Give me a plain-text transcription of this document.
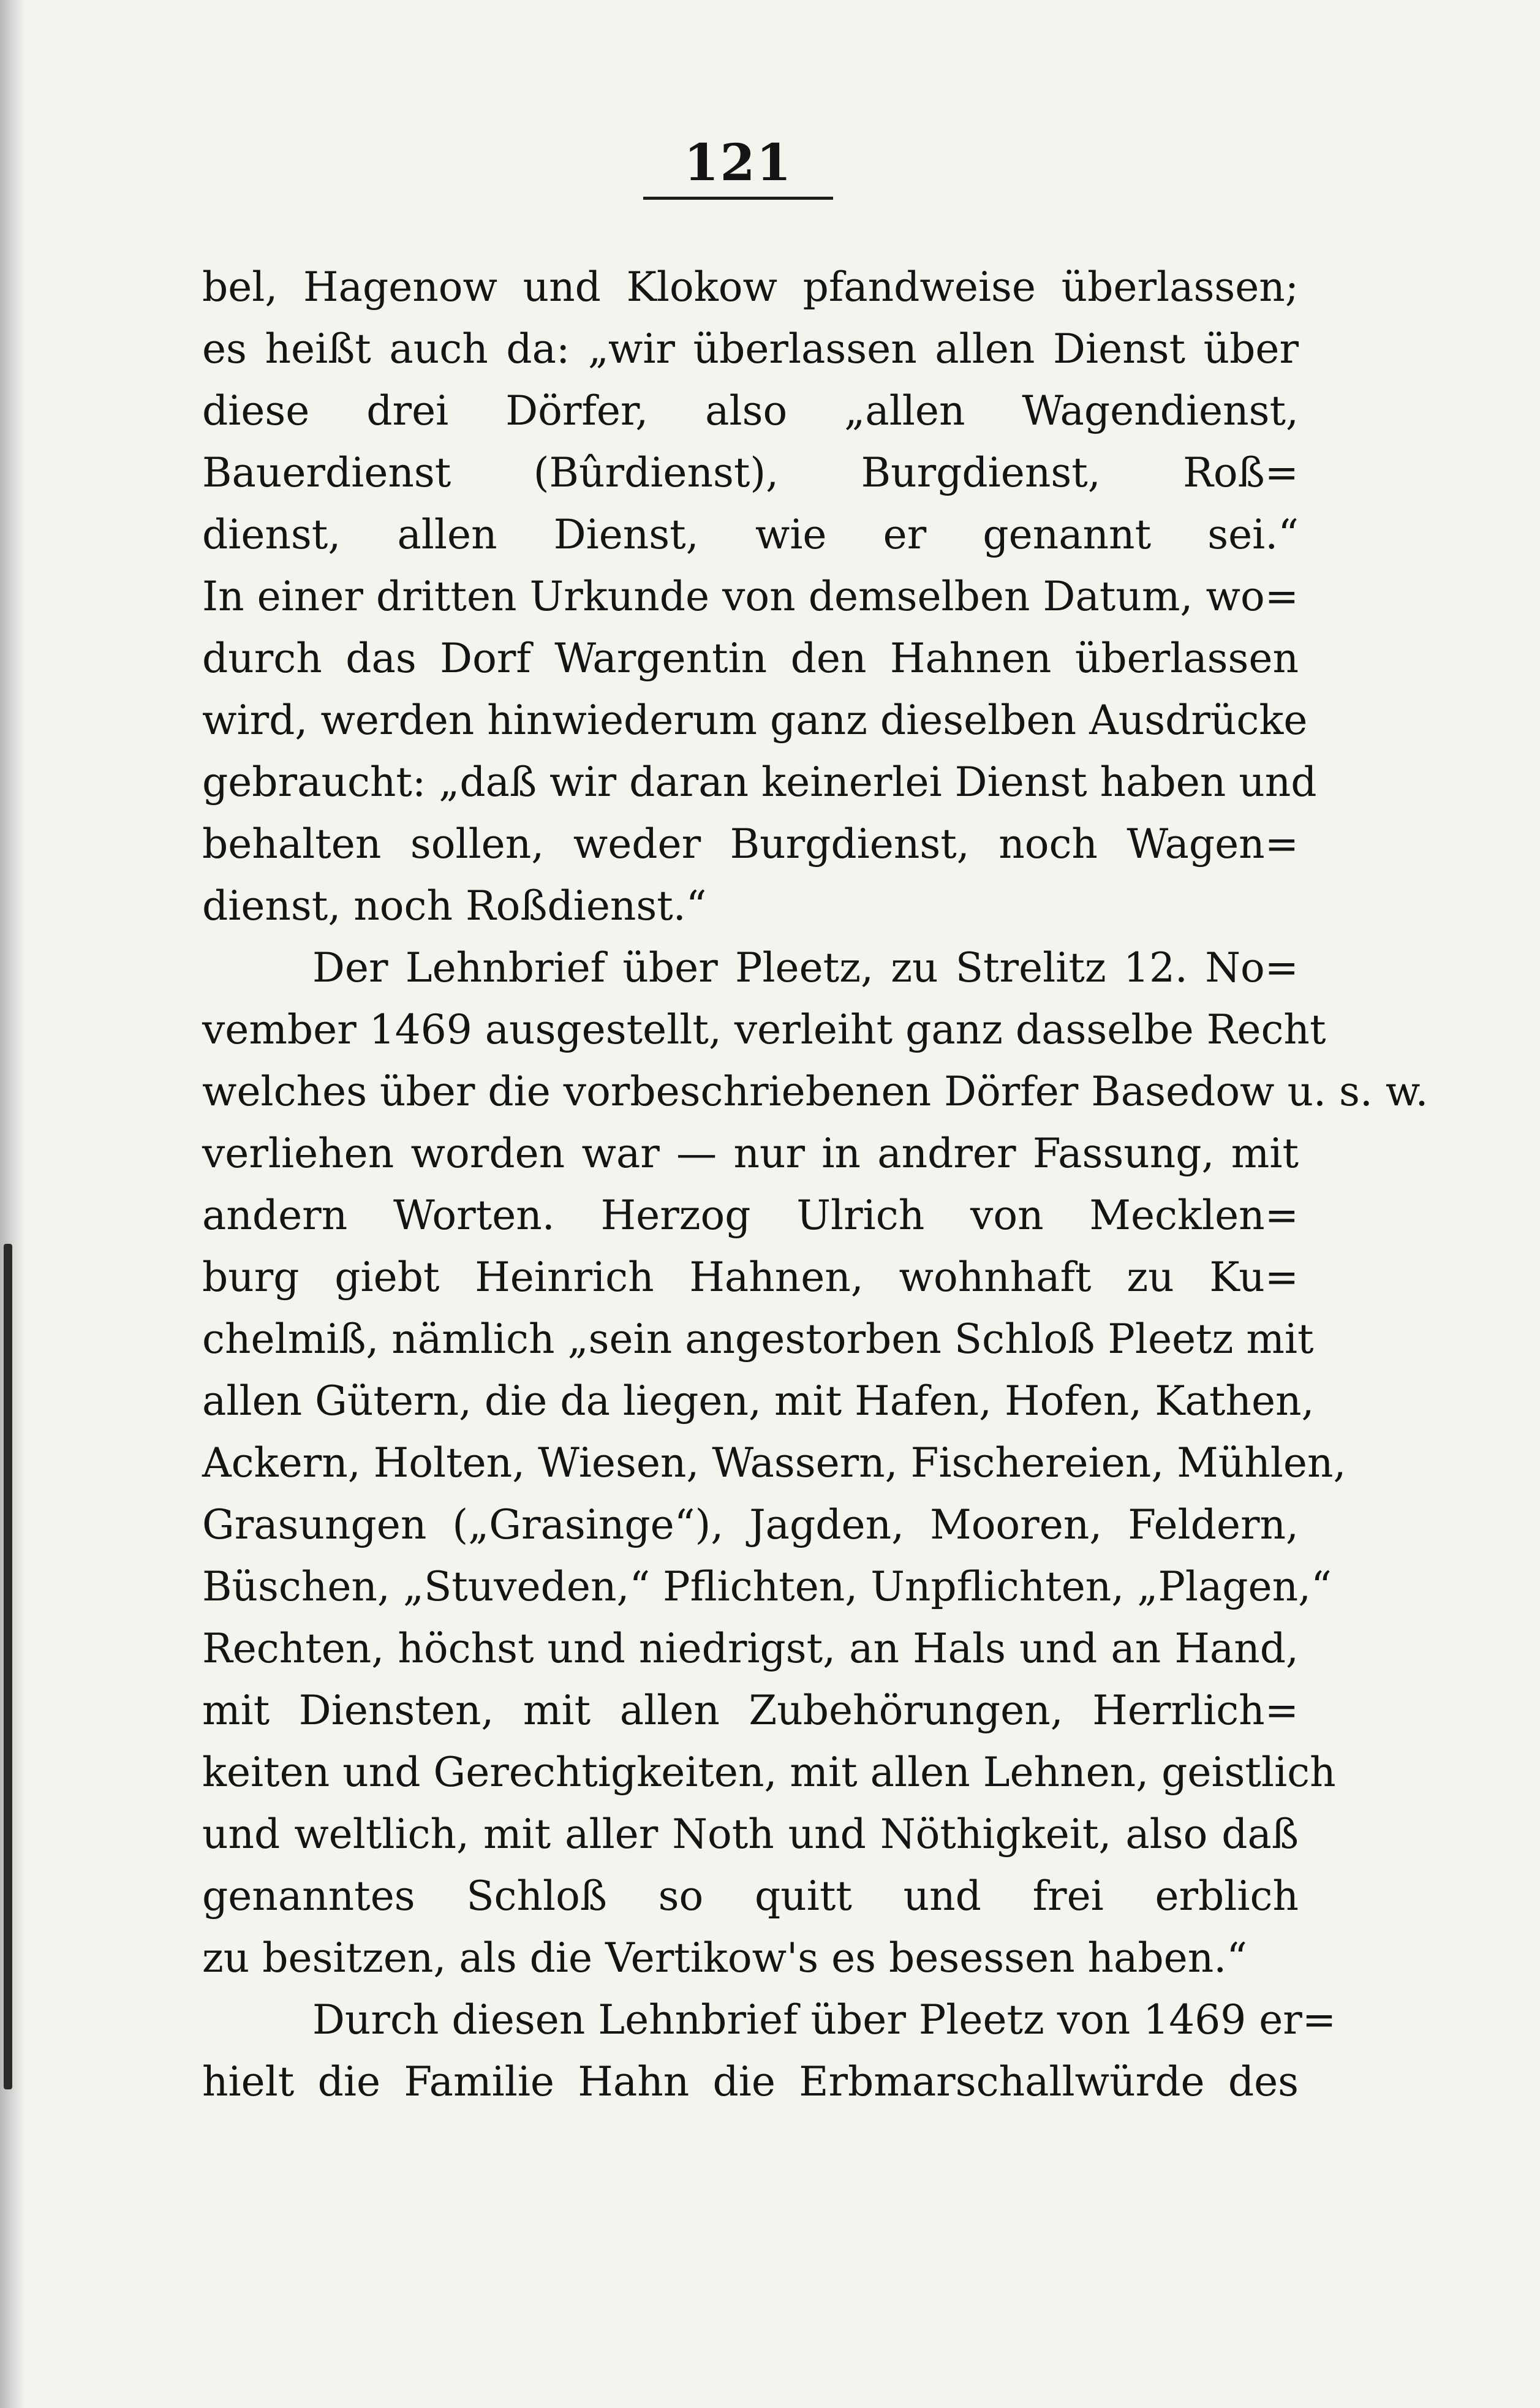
121
bel, Hagenow und Klokow pfandweise überlassen;
es heißt auch da: „wir überlassen allen Dienst über
diese drei Dörfer, also „allen Wagendienst,
Bauerdienst (Bûrdienst), Burgdienst, Roß=
dienst, allen Dienst, wie er genannt sei.“
In einer dritten Urkunde von demselben Datum, wo=
durch das Dorf Wargentin den Hahnen überlassen
wird, werden hinwiederum ganz dieselben Ausdrücke
gebraucht: „daß wir daran keinerlei Dienst haben und
behalten sollen, weder Burgdienst, noch Wagen=
dienst, noch Roßdienst.“
Der Lehnbrief über Pleetz, zu Strelitz 12. No=
vember 1469 ausgestellt, verleiht ganz dasselbe Recht
welches über die vorbeschriebenen Dörfer Basedow u. s. w.
verliehen worden war — nur in andrer Fassung, mit
andern Worten. Herzog Ulrich von Mecklen=
burg giebt Heinrich Hahnen, wohnhaft zu Ku=
chelmiß, nämlich „sein angestorben Schloß Pleetz mit
allen Gütern, die da liegen, mit Hafen, Hofen, Kathen,
Ackern, Holten, Wiesen, Wassern, Fischereien, Mühlen,
Grasungen („Grasinge“), Jagden, Mooren, Feldern,
Büschen, „Stuveden,“ Pflichten, Unpflichten, „Plagen,“
Rechten, höchst und niedrigst, an Hals und an Hand,
mit Diensten, mit allen Zubehörungen, Herrlich=
keiten und Gerechtigkeiten, mit allen Lehnen, geistlich
und weltlich, mit aller Noth und Nöthigkeit, also daß
genanntes Schloß so quitt und frei erblich
zu besitzen, als die Vertikow's es besessen haben.“
Durch diesen Lehnbrief über Pleetz von 1469 er=
hielt die Familie Hahn die Erbmarschallwürde des
